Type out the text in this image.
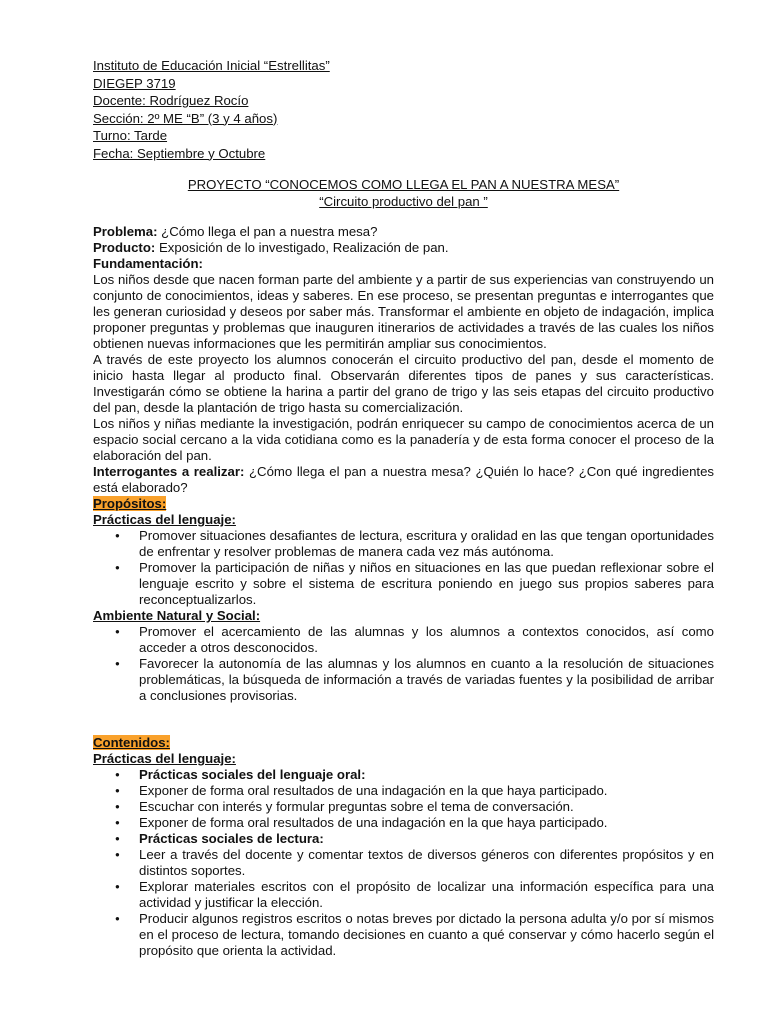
Instituto de Educación Inicial “Estrellitas”
DIEGEP 3719
Docente: Rodríguez Rocío
Sección: 2º ME “B” (3 y 4 años)
Turno: Tarde
Fecha: Septiembre y Octubre
PROYECTO “CONOCEMOS COMO LLEGA EL PAN A NUESTRA MESA”
“Circuito productivo del pan ”
Problema: ¿Cómo llega el pan a nuestra mesa?
Producto: Exposición de lo investigado, Realización de pan.
Fundamentación:

Los niños desde que nacen forman parte del ambiente y a partir de sus experiencias van construyendo un conjunto de conocimientos, ideas y saberes. En ese proceso, se presentan preguntas e interrogantes que les generan curiosidad y deseos por saber más. Transformar el ambiente en objeto de indagación, implica proponer preguntas y problemas que inauguren itinerarios de actividades a través de las cuales los niños obtienen nuevas informaciones que les permitirán ampliar sus conocimientos.

A través de este proyecto los alumnos conocerán el circuito productivo del pan, desde el momento de inicio hasta llegar al producto final. Observarán diferentes tipos de panes y sus características. Investigarán cómo se obtiene la harina a partir del grano de trigo y las seis etapas del circuito productivo del pan, desde la plantación de trigo hasta su comercialización.

Los niños y niñas mediante la investigación, podrán enriquecer su campo de conocimientos acerca de un espacio social cercano a la vida cotidiana como es la panadería y de esta forma conocer el proceso de la elaboración del pan.

Interrogantes a realizar: ¿Cómo llega el pan a nuestra mesa? ¿Quién lo hace? ¿Con qué ingredientes está elaborado?

Propósitos:
Prácticas del lenguaje:
● Promover situaciones desafiantes de lectura, escritura y oralidad en las que tengan oportunidades de enfrentar y resolver problemas de manera cada vez más autónoma.
● Promover la participación de niñas y niños en situaciones en las que puedan reflexionar sobre el lenguaje escrito y sobre el sistema de escritura poniendo en juego sus propios saberes para reconceptualizarlos.
Ambiente Natural y Social:
● Promover el acercamiento de las alumnas y los alumnos a contextos conocidos, así como acceder a otros desconocidos.
● Favorecer la autonomía de las alumnas y los alumnos en cuanto a la resolución de situaciones problemáticas, la búsqueda de información a través de variadas fuentes y la posibilidad de arribar a conclusiones provisorias.
Contenidos:
Prácticas del lenguaje:
● Prácticas sociales del lenguaje oral:
● Exponer de forma oral resultados de una indagación en la que haya participado.
● Escuchar con interés y formular preguntas sobre el tema de conversación.
● Exponer de forma oral resultados de una indagación en la que haya participado.
● Prácticas sociales de lectura:
● Leer a través del docente y comentar textos de diversos géneros con diferentes propósitos y en distintos soportes.
● Explorar materiales escritos con el propósito de localizar una información específica para una actividad y justificar la elección.
● Producir algunos registros escritos o notas breves por dictado la persona adulta y/o por sí mismos en el proceso de lectura, tomando decisiones en cuanto a qué conservar y cómo hacerlo según el propósito que orienta la actividad.
